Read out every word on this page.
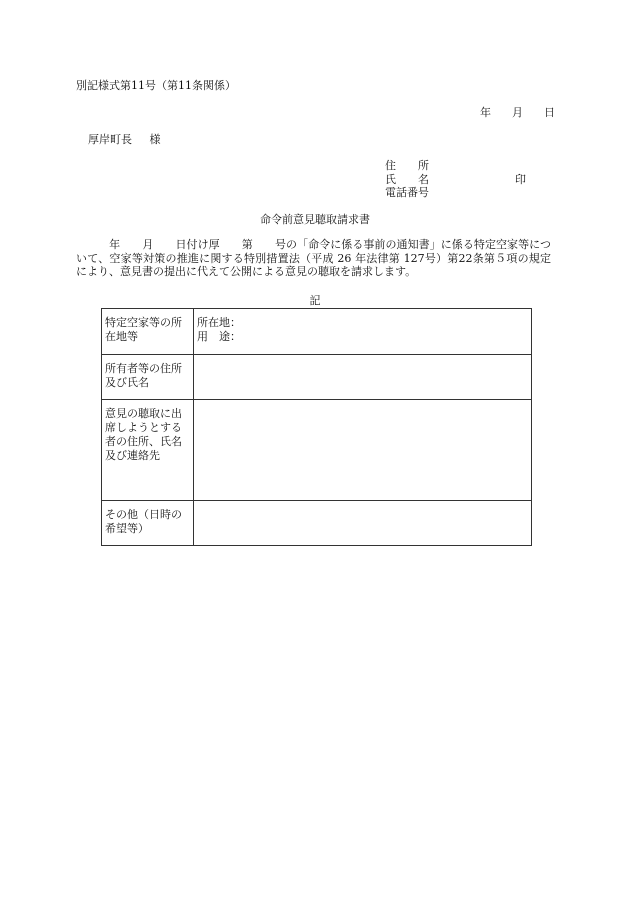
別記様式第11号（第11条関係）
年 月 日
厚岸町長 様
住　　所
氏　　名	印
電話番号
命令前意見聴取請求書

　　　年　　月　　日付け厚　　第　　号の「命令に係る事前の通知書」に係る特定空家等について、空家等対策の推進に関する特別措置法（平成 26 年法律第 127号）第22条第５項の規定により、意見書の提出に代えて公開による意見の聴取を請求します。

記
特定空家等の所在地等	所在地：
用　途：

所有者等の住所及び氏名	
意見の聴取に出席しようとする者の住所、氏名及び連絡先	
その他（日時の希望等）	
